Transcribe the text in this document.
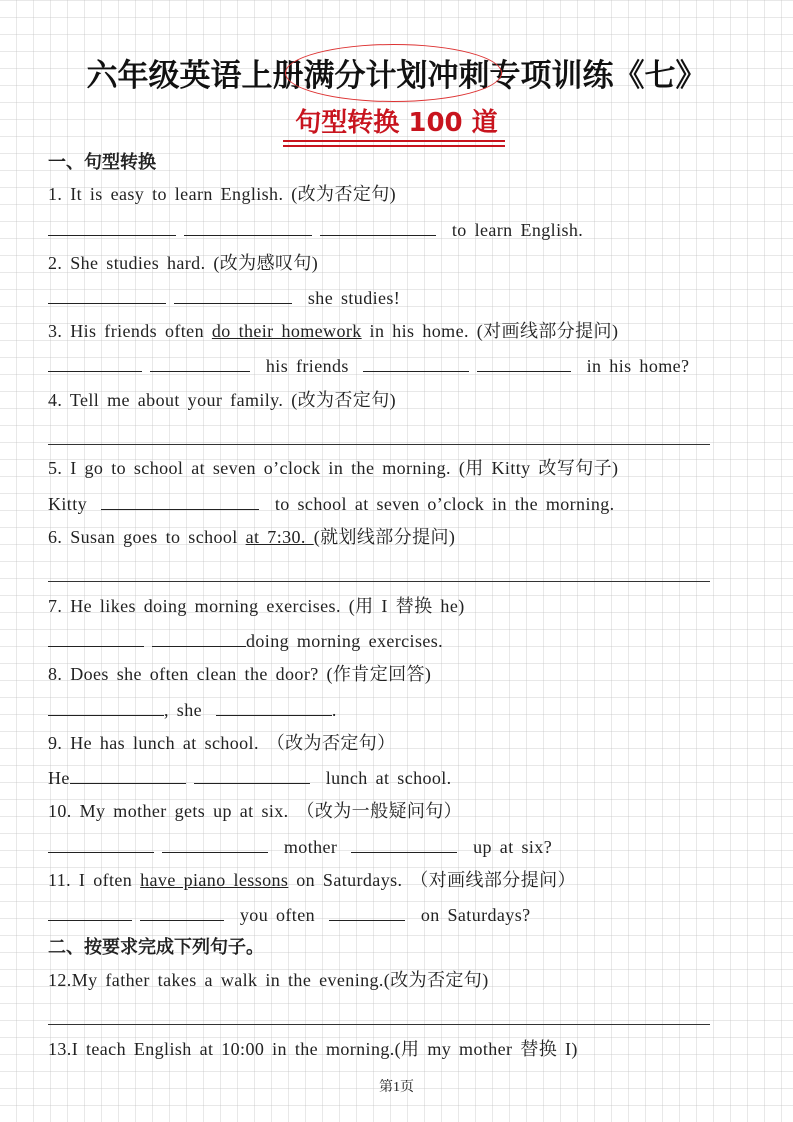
六年级英语上册满分计划冲刺专项训练《七》
句型转换 100 道
一、句型转换
1. It is easy to learn English. (改为否定句)
to learn English.
2. She studies hard. (改为感叹句)
she studies!
3. His friends often do their homework in his home. (对画线部分提问)
his friends	in his home?
4. Tell me about your family. (改为否定句)
5. I go to school at seven o’clock in the morning. (用 Kitty 改写句子)
Kitty	to school at seven o’clock in the morning.
6. Susan goes to school at 7:30. (就划线部分提问)
7. He likes doing morning exercises. (用 I 替换 he)
doing morning exercises.
8. Does she often clean the door? (作肯定回答)
, she	.
9. He has lunch at school. （改为否定句）
He	lunch at school.
10. My mother gets up at six. （改为一般疑问句）
mother	up at six?
11. I often have piano lessons on Saturdays. （对画线部分提问）
you often	on Saturdays?
二、按要求完成下列句子。
12.My father takes a walk in the evening.(改为否定句)
13.I teach English at 10:00 in the morning.(用 my mother 替换 I)
第1页
